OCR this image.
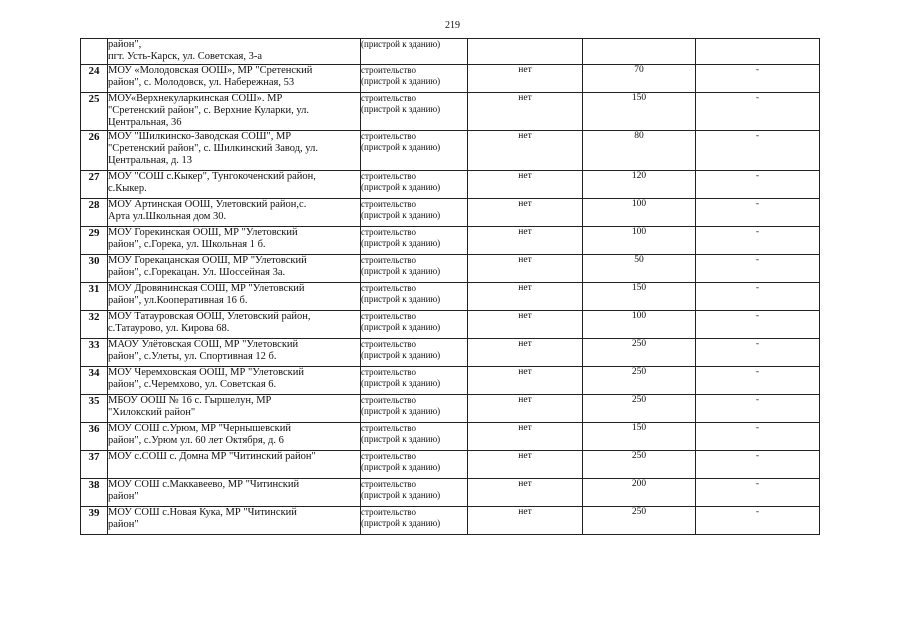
219

	район",
пгт. Усть-Карск, ул. Советская, 3-а	(пристрой к зданию)			

24	МОУ «Молодовская ООШ», МР "Сретенский
район", с. Молодовск, ул. Набережная, 53	строительство
(пристрой к зданию)	нет	70	-
25	МОУ«Верхнекуларкинская СОШ». МР
"Сретенский район", с. Верхние Куларки, ул.
Центральная, 36	строительство
(пристрой к зданию)	нет	150	-
26	МОУ "Шилкинско-Заводская СОШ", МР
"Сретенский район", с. Шилкинский Завод, ул.
Центральная, д. 13	строительство
(пристрой к зданию)	нет	80	-
27	МОУ "СОШ с.Кыкер", Тунгокоченский район,
с.Кыкер.	строительство
(пристрой к зданию)	нет	120	-
28	МОУ Артинская ООШ, Улетовский район,с.
Арта ул.Школьная дом 30.	строительство
(пристрой к зданию)	нет	100	-
29	МОУ Горекинская ООШ, МР "Улетовский
район", с.Горека, ул. Школьная 1 б.	строительство
(пристрой к зданию)	нет	100	-
30	МОУ Горекацанская ООШ, МР "Улетовский
район", с.Горекацан. Ул. Шоссейная 3а.	строительство
(пристрой к зданию)	нет	50	-
31	МОУ Дровянинская СОШ, МР "Улетовский
район", ул.Кооперативная 16 б.	строительство
(пристрой к зданию)	нет	150	-
32	МОУ Татауровская ООШ, Улетовский район,
с.Татаурово, ул. Кирова 68.	строительство
(пристрой к зданию)	нет	100	-
33	МАОУ Улётовская СОШ, МР "Улетовский
район", с.Улеты, ул. Спортивная 12 б.	строительство
(пристрой к зданию)	нет	250	-
34	МОУ Черемховская ООШ, МР "Улетовский
район", с.Черемхово, ул. Советская 6.	строительство
(пристрой к зданию)	нет	250	-
35	МБОУ ООШ № 16 с. Гыршелун, МР
"Хилокский район"	строительство
(пристрой к зданию)	нет	250	-
36	МОУ СОШ с.Урюм, МР "Чернышевский
район", с.Урюм ул. 60 лет Октября, д. 6	строительство
(пристрой к зданию)	нет	150	-
37	МОУ с.СОШ с. Домна МР "Читинский район"	строительство
(пристрой к зданию)	нет	250	-
38	МОУ СОШ с.Маккавеево, МР "Читинский
район"	строительство
(пристрой к зданию)	нет	200	-
39	МОУ СОШ с.Новая Кука, МР "Читинский
район"	строительство
(пристрой к зданию)	нет	250	-
